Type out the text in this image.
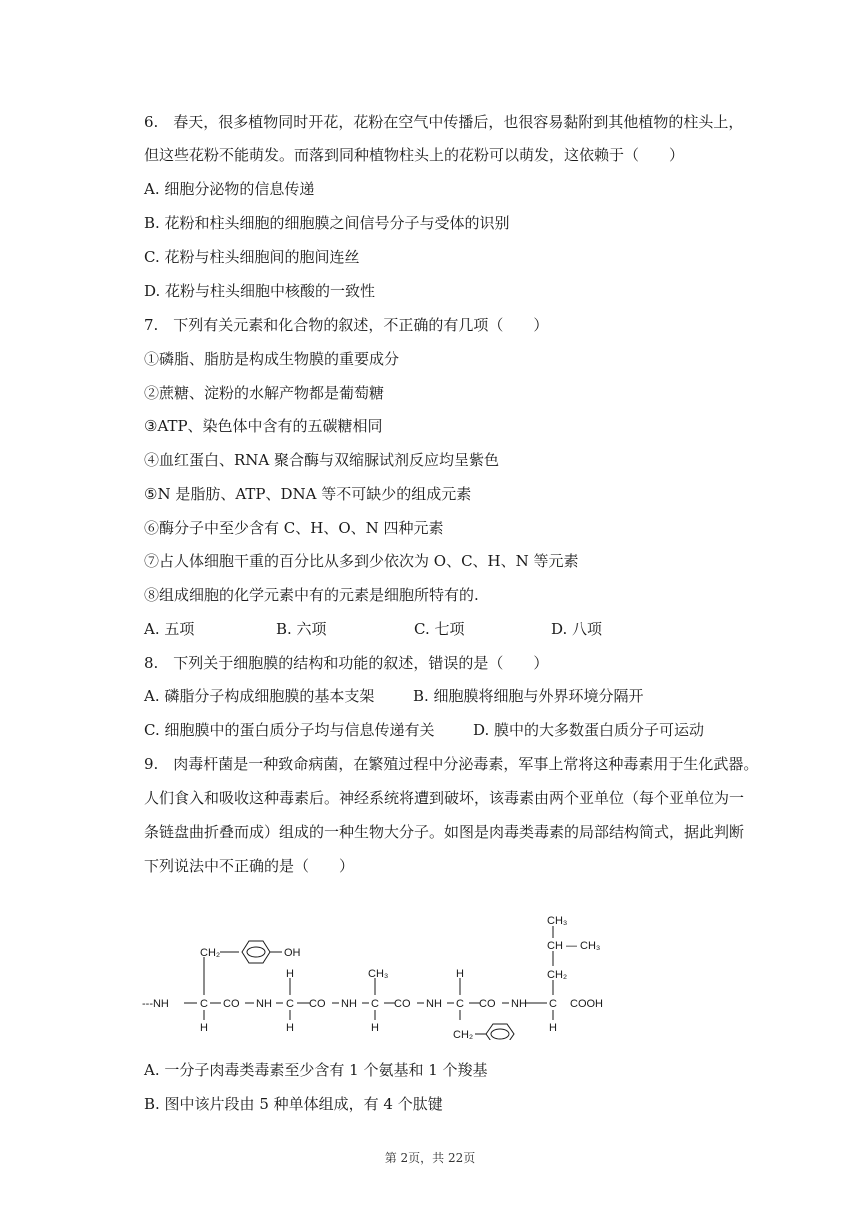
6.　春天，很多植物同时开花，花粉在空气中传播后，也很容易黏附到其他植物的柱头上，
但这些花粉不能萌发。而落到同种植物柱头上的花粉可以萌发，这依赖于（　　）
A. 细胞分泌物的信息传递
B. 花粉和柱头细胞的细胞膜之间信号分子与受体的识别
C. 花粉与柱头细胞间的胞间连丝
D. 花粉与柱头细胞中核酸的一致性
7.　下列有关元素和化合物的叙述，不正确的有几项（　　）
①磷脂、脂肪是构成生物膜的重要成分
②蔗糖、淀粉的水解产物都是葡萄糖
③ATP、染色体中含有的五碳糖相同
④血红蛋白、RNA 聚合酶与双缩脲试剂反应均呈紫色
⑤N 是脂肪、ATP、DNA 等不可缺少的组成元素
⑥酶分子中至少含有 C、H、O、N 四种元素
⑦占人体细胞干重的百分比从多到少依次为 O、C、H、N 等元素
⑧组成细胞的化学元素中有的元素是细胞所特有的.
A. 五项	B. 六项	C. 七项	D. 八项
8.　下列关于细胞膜的结构和功能的叙述，错误的是（　　）
A. 磷脂分子构成细胞膜的基本支架	B. 细胞膜将细胞与外界环境分隔开
C. 细胞膜中的蛋白质分子均与信息传递有关	D. 膜中的大多数蛋白质分子可运动
9.　肉毒杆菌是一种致命病菌，在繁殖过程中分泌毒素，军事上常将这种毒素用于生化武器。
人们食入和吸收这种毒素后。神经系统将遭到破坏，该毒素由两个亚单位（每个亚单位为一
条链盘曲折叠而成）组成的一种生物大分子。如图是肉毒类毒素的局部结构简式，据此判断
下列说法中不正确的是（　　）
---NH
CH₂	OH
C CO NH
H
H
C CO NH
H
CH₃
C CO NH
H
H
C CO NH
CH₂
CH₃
CH — CH₃
CH₂
C COOH
H
A. 一分子肉毒类毒素至少含有 1 个氨基和 1 个羧基
B. 图中该片段由 5 种单体组成，有 4 个肽键
第 2页，共 22页
